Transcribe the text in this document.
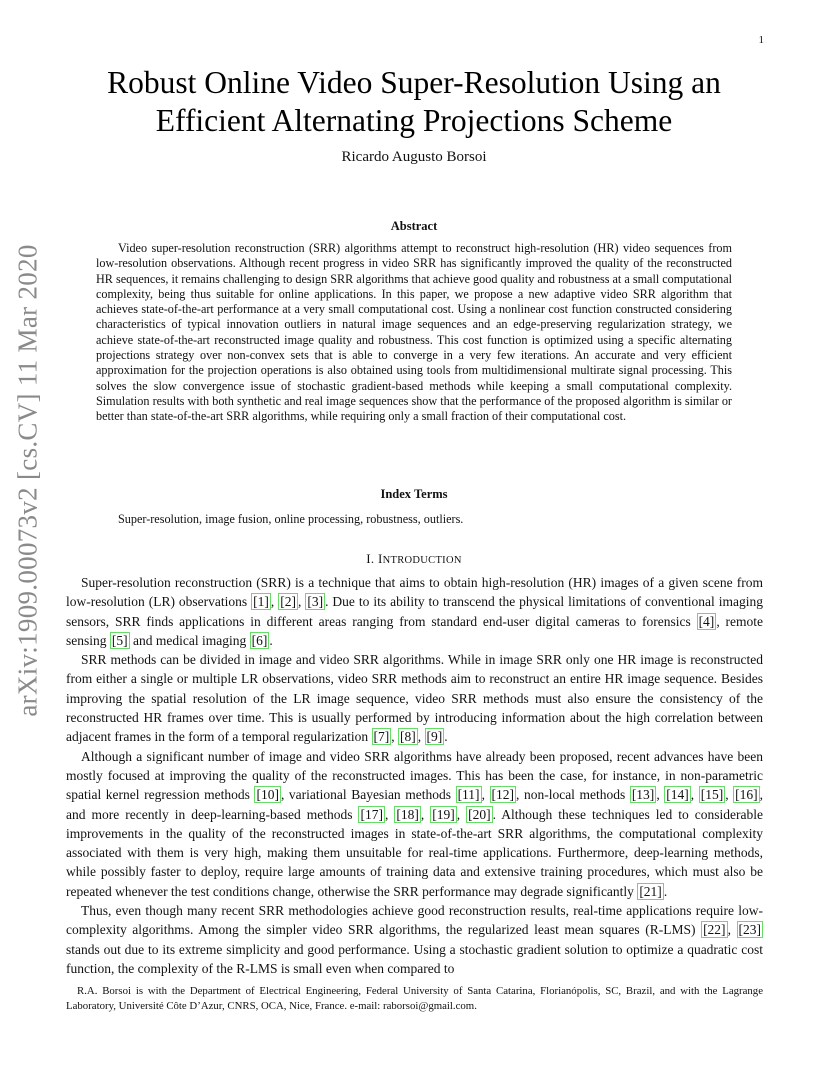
1
arXiv:1909.00073v2 [cs.CV] 11 Mar 2020
Robust Online Video Super-Resolution Using an
Efficient Alternating Projections Scheme
Ricardo Augusto Borsoi
Abstract

Video super-resolution reconstruction (SRR) algorithms attempt to reconstruct high-resolution (HR) video sequences from low-resolution observations. Although recent progress in video SRR has significantly improved the quality of the reconstructed HR sequences, it remains challenging to design SRR algorithms that achieve good quality and robustness at a small computational complexity, being thus suitable for online applications. In this paper, we propose a new adaptive video SRR algorithm that achieves state-of-the-art performance at a very small computational cost. Using a nonlinear cost function constructed considering characteristics of typical innovation outliers in natural image sequences and an edge-preserving regularization strategy, we achieve state-of-the-art reconstructed image quality and robustness. This cost function is optimized using a specific alternating projections strategy over non-convex sets that is able to converge in a very few iterations. An accurate and very efficient approximation for the projection operations is also obtained using tools from multidimensional multirate signal processing. This solves the slow convergence issue of stochastic gradient-based methods while keeping a small computational complexity. Simulation results with both synthetic and real image sequences show that the performance of the proposed algorithm is similar or better than state-of-the-art SRR algorithms, while requiring only a small fraction of their computational cost.

Index Terms

Super-resolution, image fusion, online processing, robustness, outliers.

I. INTRODUCTION

Super-resolution reconstruction (SRR) is a technique that aims to obtain high-resolution (HR) images of a given scene from low-resolution (LR) observations [1] , [2] , [3] . Due to its ability to transcend the physical limitations of conventional imaging sensors, SRR finds applications in different areas ranging from standard end-user digital cameras to forensics [4] , remote sensing [5] and medical imaging [6] .

SRR methods can be divided in image and video SRR algorithms. While in image SRR only one HR image is reconstructed from either a single or multiple LR observations, video SRR methods aim to reconstruct an entire HR image sequence. Besides improving the spatial resolution of the LR image sequence, video SRR methods must also ensure the consistency of the reconstructed HR frames over time. This is usually performed by introducing information about the high correlation between adjacent frames in the form of a temporal regularization [7] , [8] , [9] .

Although a significant number of image and video SRR algorithms have already been proposed, recent advances have been mostly focused at improving the quality of the reconstructed images. This has been the case, for instance, in non-parametric spatial kernel regression methods [10] , variational Bayesian methods [11] , [12] , non-local methods [13] , [14] , [15] , [16] , and more recently in deep-learning-based methods [17] , [18] , [19] , [20] . Although these techniques led to considerable improvements in the quality of the reconstructed images in state-of-the-art SRR algorithms, the computational complexity associated with them is very high, making them unsuitable for real-time applications. Furthermore, deep-learning methods, while possibly faster to deploy, require large amounts of training data and extensive training procedures, which must also be repeated whenever the test conditions change, otherwise the SRR performance may degrade significantly [21] .

Thus, even though many recent SRR methodologies achieve good reconstruction results, real-time applications require low-complexity algorithms. Among the simpler video SRR algorithms, the regularized least mean squares (R-LMS) [22] , [23] stands out due to its extreme simplicity and good performance. Using a stochastic gradient solution to optimize a quadratic cost function, the complexity of the R-LMS is small even when compared to

R.A. Borsoi is with the Department of Electrical Engineering, Federal University of Santa Catarina, Florianópolis, SC, Brazil, and with the Lagrange Laboratory, Université Côte D’Azur, CNRS, OCA, Nice, France. e-mail: raborsoi@gmail.com.
